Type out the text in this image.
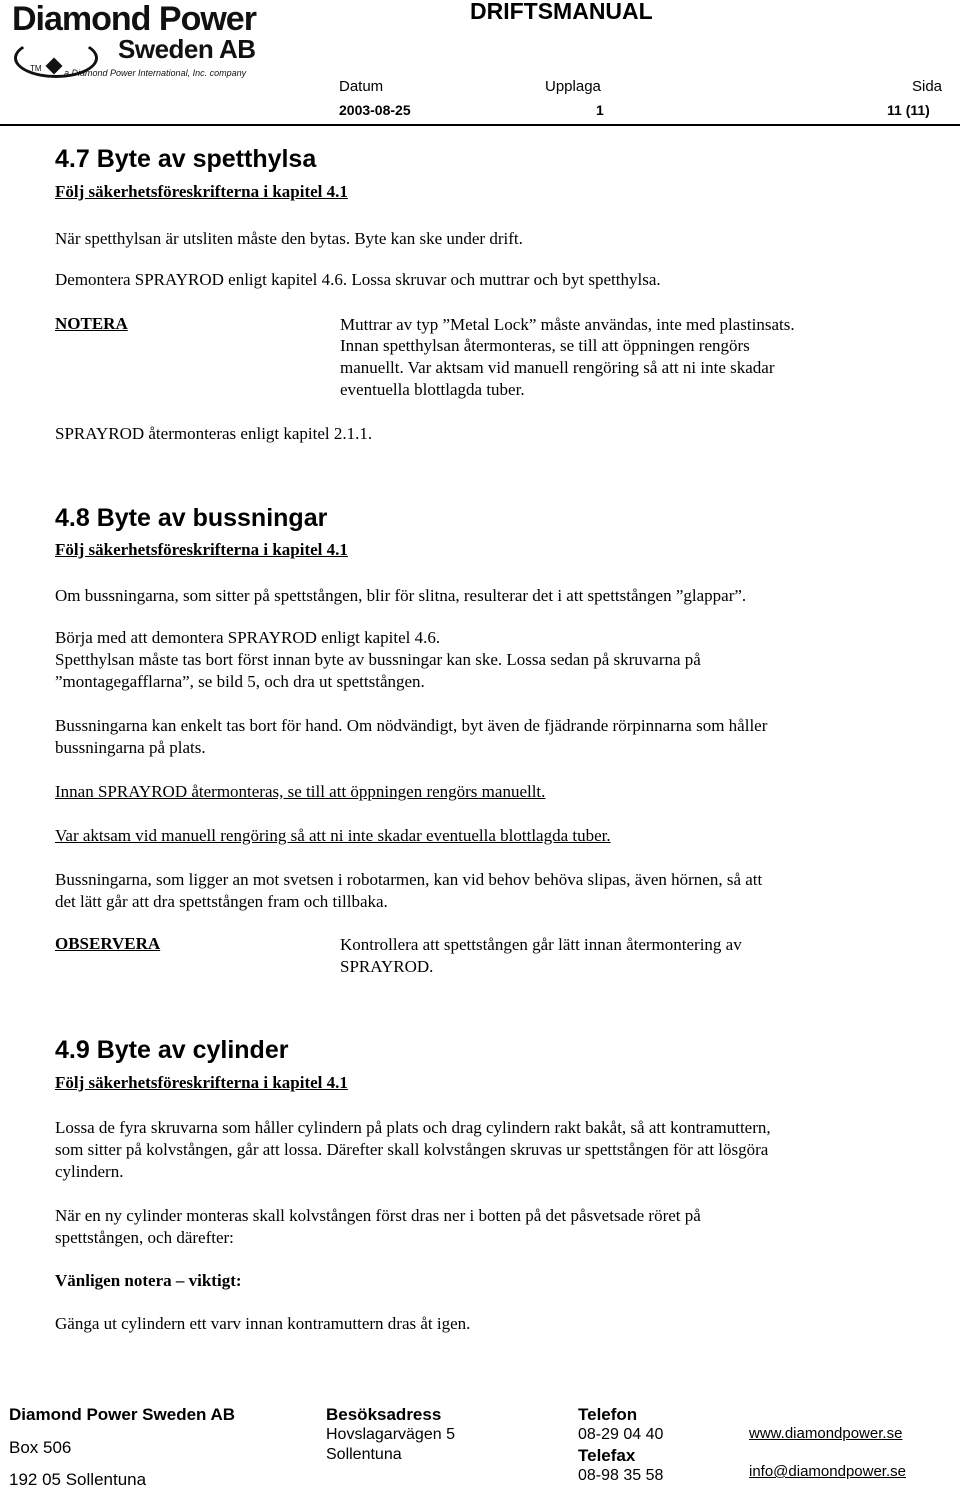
Diamond Power
Sweden AB
TM a Diamond Power International, Inc. company
DRIFTSMANUAL
Datum	Upplaga	Sida
2003-08-25	1	11 (11)
4.7 Byte av spetthylsa
Följ säkerhetsföreskrifterna i kapitel 4.1
När spetthylsan är utsliten måste den bytas. Byte kan ske under drift.
Demontera SPRAYROD enligt kapitel 4.6. Lossa skruvar och muttrar och byt spetthylsa.
NOTERA	Muttrar av typ ”Metal Lock” måste användas, inte med plastinsats.
Innan spetthylsan återmonteras, se till att öppningen rengörs
manuellt. Var aktsam vid manuell rengöring så att ni inte skadar
eventuella blottlagda tuber.
SPRAYROD återmonteras enligt kapitel 2.1.1.
4.8 Byte av bussningar
Följ säkerhetsföreskrifterna i kapitel 4.1
Om bussningarna, som sitter på spettstången, blir för slitna, resulterar det i att spettstången ”glappar”.
Börja med att demontera SPRAYROD enligt kapitel 4.6.
Spetthylsan måste tas bort först innan byte av bussningar kan ske. Lossa sedan på skruvarna på
”montagegafflarna”, se bild 5, och dra ut spettstången.
Bussningarna kan enkelt tas bort för hand. Om nödvändigt, byt även de fjädrande rörpinnarna som håller
bussningarna på plats.
Innan SPRAYROD återmonteras, se till att öppningen rengörs manuellt.
Var aktsam vid manuell rengöring så att ni inte skadar eventuella blottlagda tuber.
Bussningarna, som ligger an mot svetsen i robotarmen, kan vid behov behöva slipas, även hörnen, så att
det lätt går att dra spettstången fram och tillbaka.
OBSERVERA	Kontrollera att spettstången går lätt innan återmontering av
SPRAYROD.
4.9 Byte av cylinder
Följ säkerhetsföreskrifterna i kapitel 4.1
Lossa de fyra skruvarna som håller cylindern på plats och drag cylindern rakt bakåt, så att kontramuttern,
som sitter på kolvstången, går att lossa. Därefter skall kolvstången skruvas ur spettstången för att lösgöra
cylindern.
När en ny cylinder monteras skall kolvstången först dras ner i botten på det påsvetsade röret på
spettstången, och därefter:
Vänligen notera – viktigt:
Gänga ut cylindern ett varv innan kontramuttern dras åt igen.
Diamond Power Sweden AB
Box 506
192 05 Sollentuna
Besöksadress
Hovslagarvägen 5
Sollentuna
Telefon
08-29 04 40
Telefax
08-98 35 58
www.diamondpower.se
info@diamondpower.se
